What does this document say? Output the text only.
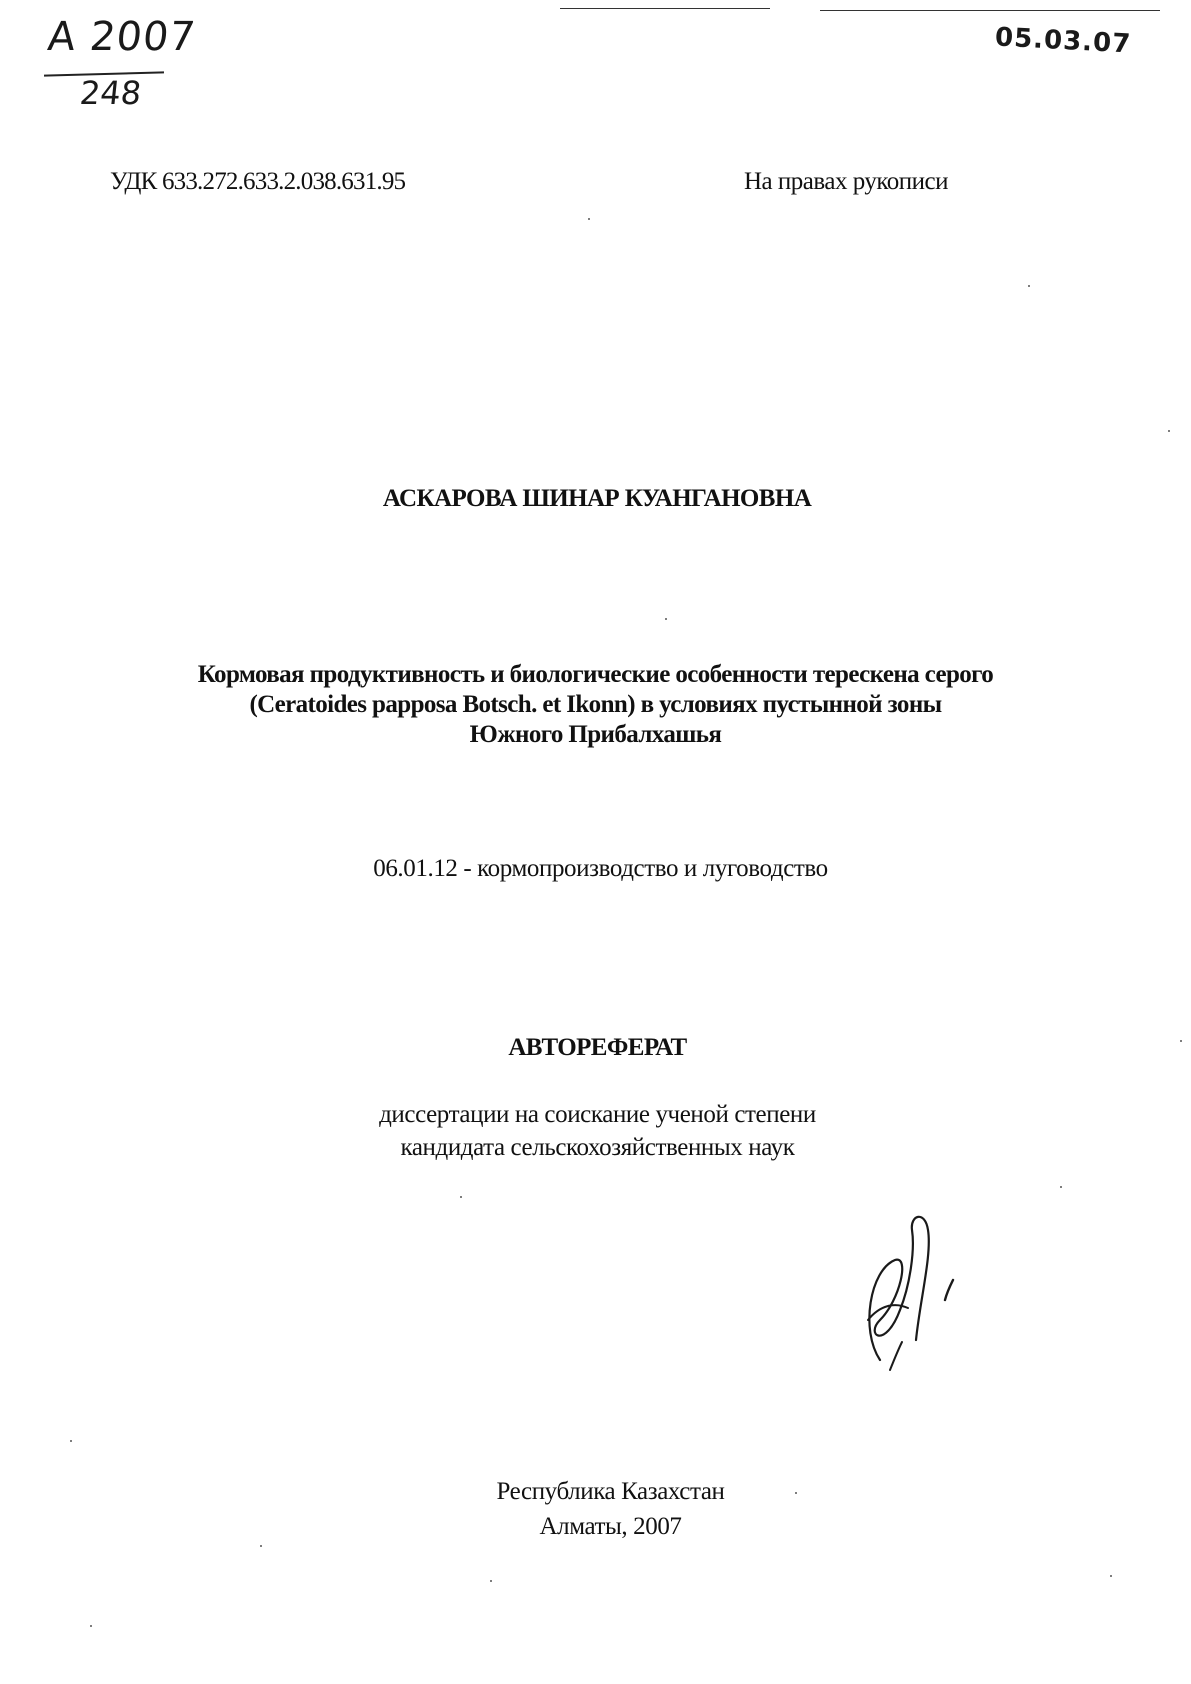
А 2007
248
05.03.07
УДК 633.272.633.2.038.631.95	На правах рукописи
АСКАРОВА ШИНАР КУАНГАНОВНА
Кормовая продуктивность и биологические особенности терескена серого
(Ceratoides papposa Botsch. et Ikonn) в условиях пустынной зоны
Южного Прибалхашья
06.01.12 - кормопроизводство и луговодство
АВТОРЕФЕРАТ
диссертации на соискание ученой степени
кандидата сельскохозяйственных наук
Республика Казахстан
Алматы, 2007
